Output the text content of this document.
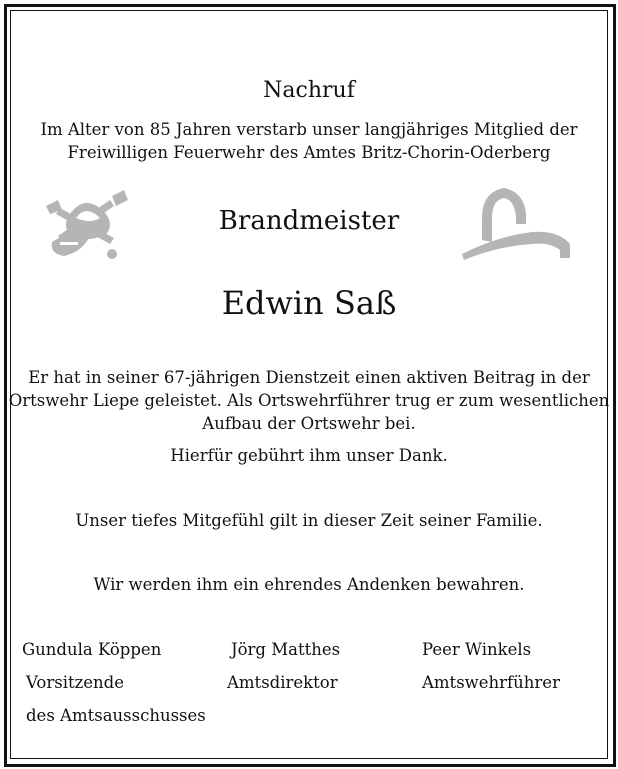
Nachruf
Im Alter von 85 Jahren verstarb unser langjähriges Mitglied der
Freiwilligen Feuerwehr des Amtes Britz-Chorin-Oderberg
Brandmeister
Edwin Saß
Er hat in seiner 67-jährigen Dienstzeit einen aktiven Beitrag in der
Ortswehr Liepe geleistet. Als Ortswehrführer trug er zum wesentlichen
Aufbau der Ortswehr bei.
Hierfür gebührt ihm unser Dank.
Unser tiefes Mitgefühl gilt in dieser Zeit seiner Familie.
Wir werden ihm ein ehrendes Andenken bewahren.
Gundula Köppen
Vorsitzende
des Amtsausschusses
Jörg Matthes
Amtsdirektor
Peer Winkels
Amtswehrführer
